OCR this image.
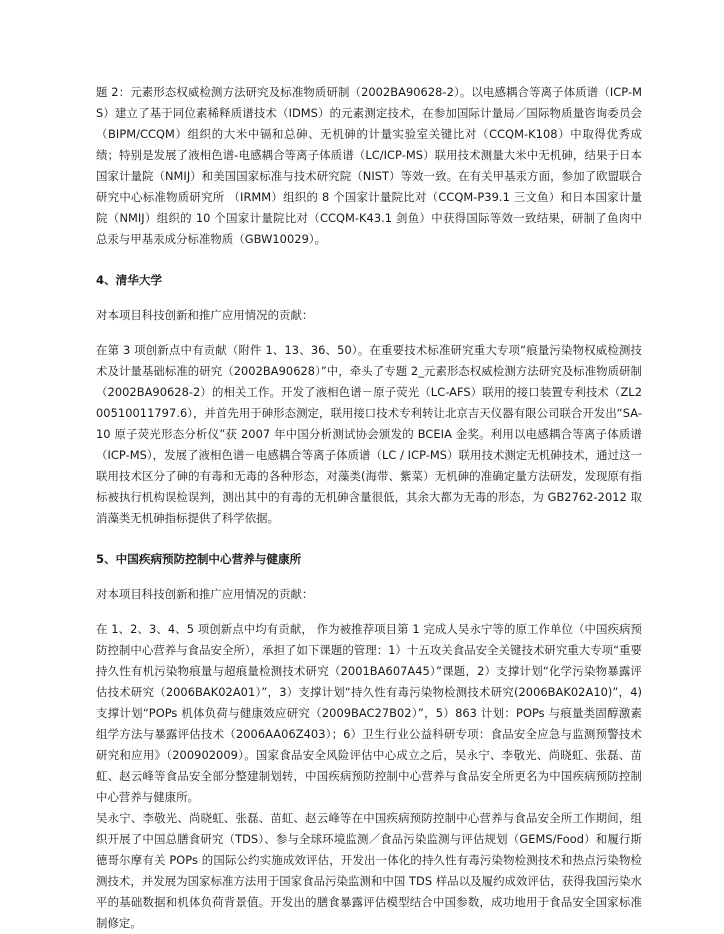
题 2：元素形态权威检测方法研究及标准物质研制（2002BA90628-2）。以电感耦合等离子体质谱（ICP-MS）建立了基于同位素稀释质谱技术（IDMS）的元素测定技术，在参加国际计量局／国际物质量咨询委员会（BIPM/CCQM）组织的大米中镉和总砷、无机砷的计量实验室关键比对（CCQM-K108）中取得优秀成绩；特别是发展了液相色谱-电感耦合等离子体质谱（LC/ICP-MS）联用技术测量大米中无机砷，结果于日本国家计量院（NMIJ）和美国国家标准与技术研究院（NIST）等效一致。在有关甲基汞方面，参加了欧盟联合研究中心标准物质研究所 （IRMM）组织的 8 个国家计量院比对（CCQM-P39.1 三文鱼）和日本国家计量院（NMIJ）组织的 10 个国家计量院比对（CCQM-K43.1 剑鱼）中获得国际等效一致结果，研制了鱼肉中总汞与甲基汞成分标准物质（GBW10029）。

4、清华大学

对本项目科技创新和推广应用情况的贡献：

在第 3 项创新点中有贡献（附件 1、13、36、50）。在重要技术标准研究重大专项“痕量污染物权威检测技术及计量基础标准的研究（2002BA90628）”中，牵头了专题 2_元素形态权威检测方法研究及标准物质研制（2002BA90628-2）的相关工作。开发了液相色谱－原子荧光（LC-AFS）联用的接口装置专利技术（ZL200510011797.6），并首先用于砷形态测定，联用接口技术专利转让北京吉天仪器有限公司联合开发出“SA-10 原子荧光形态分析仪”获 2007 年中国分析测试协会颁发的 BCEIA 金奖。利用以电感耦合等离子体质谱（ICP-MS），发展了液相色谱－电感耦合等离子体质谱（LC / ICP-MS）联用技术测定无机砷技术，通过这一联用技术区分了砷的有毒和无毒的各种形态，对藻类(海带、紫菜）无机砷的准确定量方法研发，发现原有指标被执行机构误检误判，测出其中的有毒的无机砷含量很低，其余大都为无毒的形态，为 GB2762-2012 取消藻类无机砷指标提供了科学依据。

5、中国疾病预防控制中心营养与健康所

对本项目科技创新和推广应用情况的贡献：

在 1、2、3、4、5 项创新点中均有贡献， 作为被推荐项目第 1 完成人吴永宁等的原工作单位（中国疾病预防控制中心营养与食品安全所），承担了如下课题的管理：1）十五攻关食品安全关键技术研究重大专项“重要持久性有机污染物痕量与超痕量检测技术研究（2001BA607A45）”课题，2）支撑计划“化学污染物暴露评估技术研究（2006BAK02A01）”，3）支撑计划“持久性有毒污染物检测技术研究(2006BAK02A10)”，4)支撑计划“POPs 机体负荷与健康效应研究（2009BAC27B02）”，5）863 计划：POPs 与痕量类固醇激素组学方法与暴露评估技术（2006AA06Z403）；6）卫生行业公益科研专项：食品安全应急与监测预警技术研究和应用》（200902009）。国家食品安全风险评估中心成立之后，吴永宁、李敬光、尚晓虹、张磊、苗虹、赵云峰等食品安全部分整建制划转，中国疾病预防控制中心营养与食品安全所更名为中国疾病预防控制中心营养与健康所。

吴永宁、李敬光、尚晓虹、张磊、苗虹、赵云峰等在中国疾病预防控制中心营养与食品安全所工作期间，组织开展了中国总膳食研究（TDS）、参与全球环境监测／食品污染监测与评估规划（GEMS/Food）和履行斯德哥尔摩有关 POPs 的国际公约实施成效评估，开发出一体化的持久性有毒污染物检测技术和热点污染物检测技术，并发展为国家标准方法用于国家食品污染监测和中国 TDS 样品以及履约成效评估，获得我国污染水平的基础数据和机体负荷背景值。开发出的膳食暴露评估模型结合中国参数，成功地用于食品安全国家标准制修定。
